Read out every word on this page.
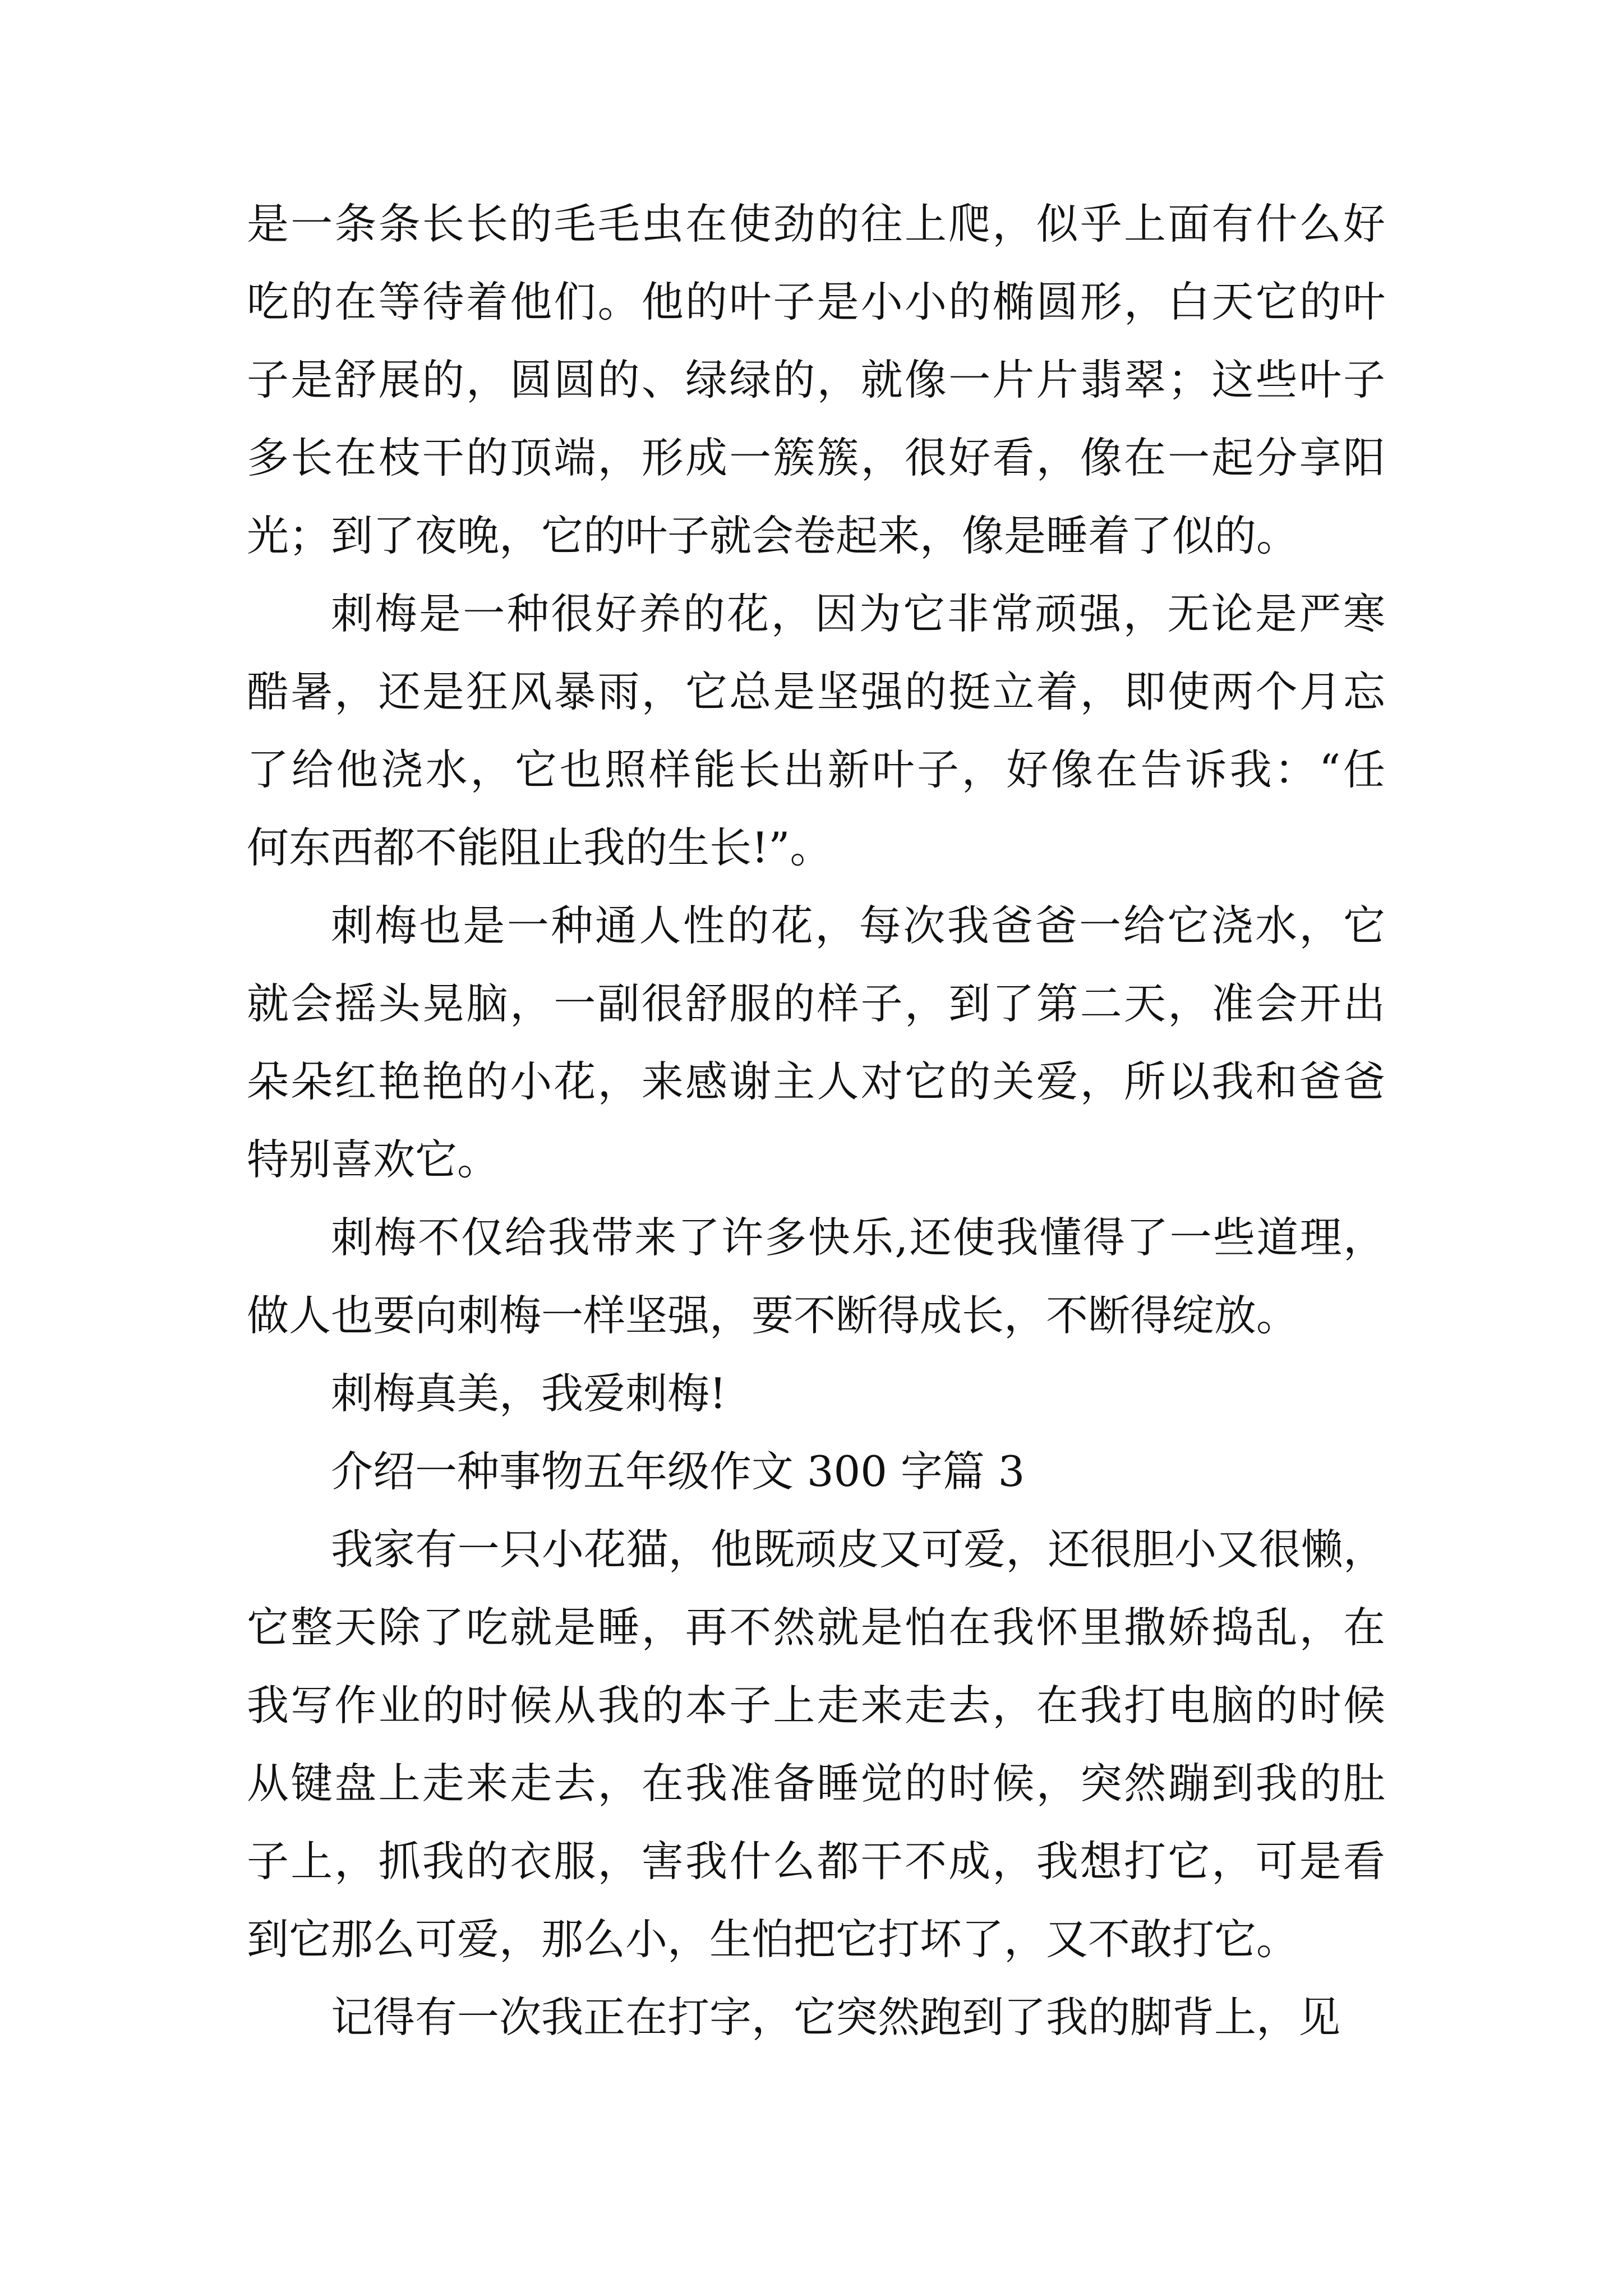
是一条条长长的毛毛虫在使劲的往上爬，似乎上面有什么好
吃的在等待着他们。他的叶子是小小的椭圆形，白天它的叶
子是舒展的，圆圆的、绿绿的，就像一片片翡翠；这些叶子
多长在枝干的顶端，形成一簇簇，很好看，像在一起分享阳
光；到了夜晚，它的叶子就会卷起来，像是睡着了似的。
刺梅是一种很好养的花，因为它非常顽强，无论是严寒
酷暑，还是狂风暴雨，它总是坚强的挺立着，即使两个月忘
了给他浇水，它也照样能长出新叶子，好像在告诉我：“任
何东西都不能阻止我的生长!”。
刺梅也是一种通人性的花，每次我爸爸一给它浇水，它
就会摇头晃脑，一副很舒服的样子，到了第二天，准会开出
朵朵红艳艳的小花，来感谢主人对它的关爱，所以我和爸爸
特别喜欢它。
刺梅不仅给我带来了许多快乐,还使我懂得了一些道理，
做人也要向刺梅一样坚强，要不断得成长，不断得绽放。
刺梅真美，我爱刺梅!
介绍一种事物五年级作文 300 字篇 3
我家有一只小花猫，他既顽皮又可爱，还很胆小又很懒，
它整天除了吃就是睡，再不然就是怕在我怀里撒娇捣乱，在
我写作业的时候从我的本子上走来走去，在我打电脑的时候
从键盘上走来走去，在我准备睡觉的时候，突然蹦到我的肚
子上，抓我的衣服，害我什么都干不成，我想打它，可是看
到它那么可爱，那么小，生怕把它打坏了，又不敢打它。
记得有一次我正在打字，它突然跑到了我的脚背上，见
